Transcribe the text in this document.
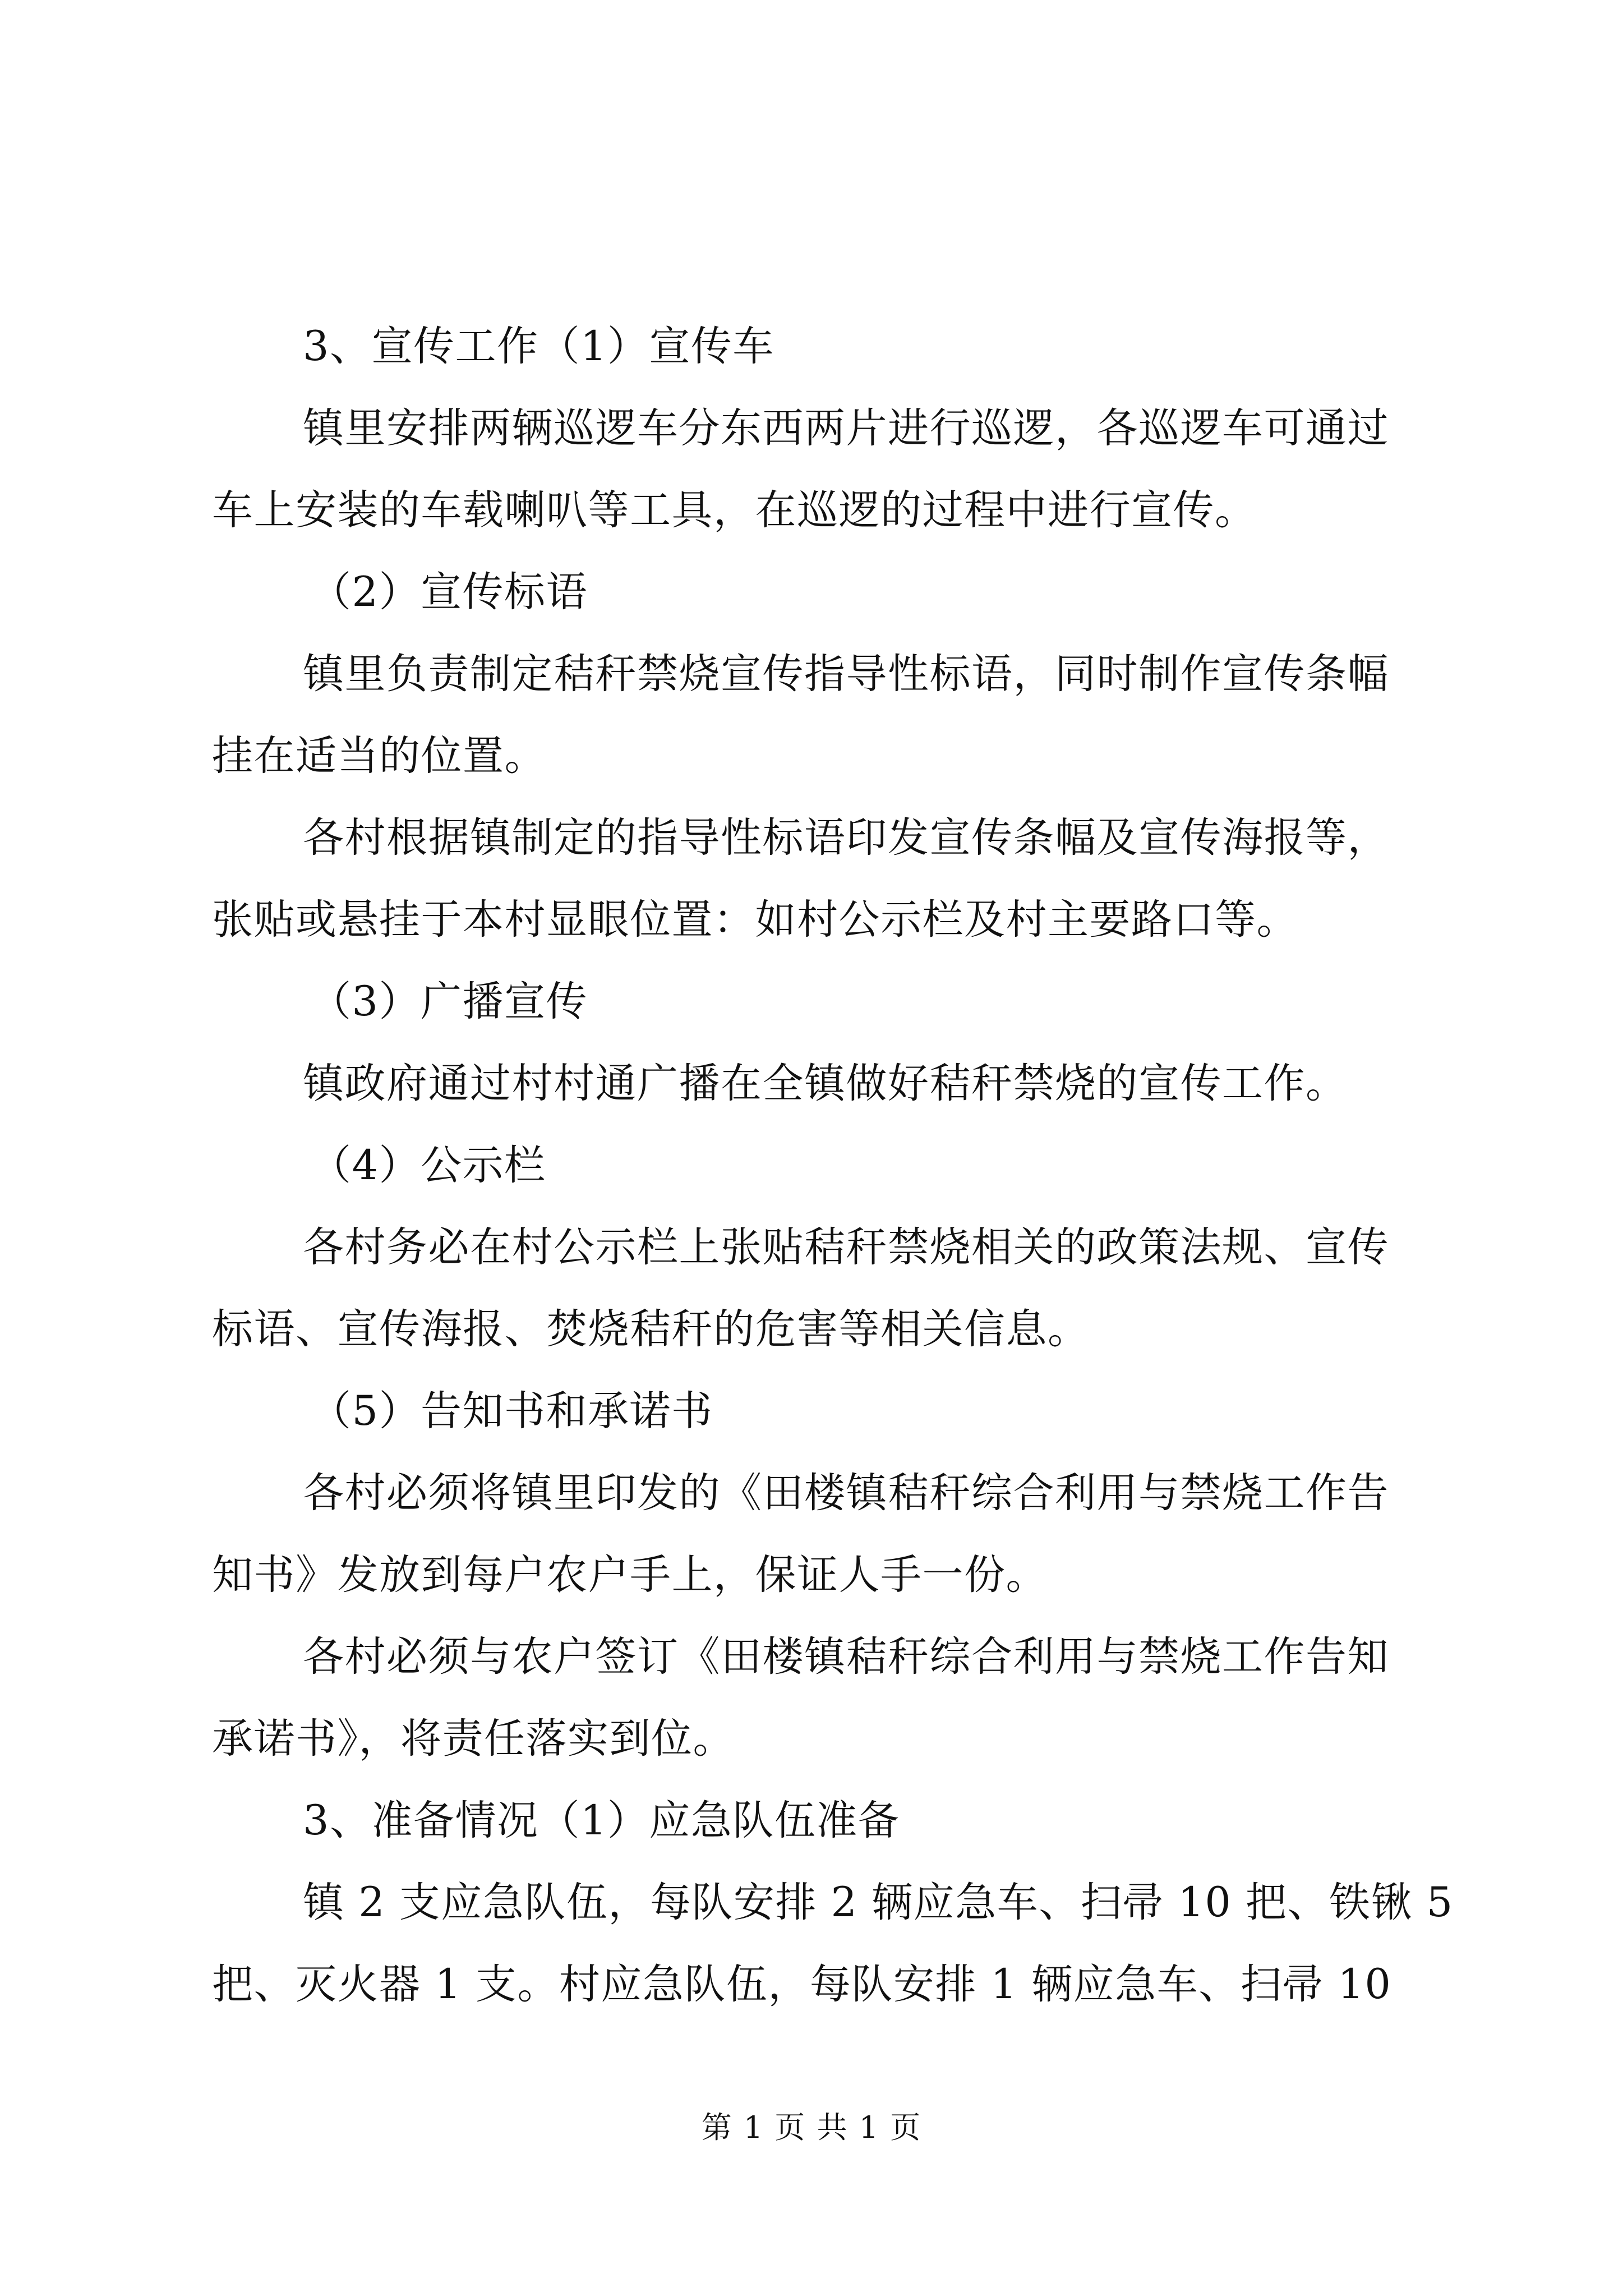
3、宣传工作（1）宣传车
镇里安排两辆巡逻车分东西两片进行巡逻，各巡逻车可通过
车上安装的车载喇叭等工具，在巡逻的过程中进行宣传。
（2）宣传标语
镇里负责制定秸秆禁烧宣传指导性标语，同时制作宣传条幅
挂在适当的位置。
各村根据镇制定的指导性标语印发宣传条幅及宣传海报等，
张贴或悬挂于本村显眼位置：如村公示栏及村主要路口等。
（3）广播宣传
镇政府通过村村通广播在全镇做好秸秆禁烧的宣传工作。
（4）公示栏
各村务必在村公示栏上张贴秸秆禁烧相关的政策法规、宣传
标语、宣传海报、焚烧秸秆的危害等相关信息。
（5）告知书和承诺书
各村必须将镇里印发的《田楼镇秸秆综合利用与禁烧工作告
知书》发放到每户农户手上，保证人手一份。
各村必须与农户签订《田楼镇秸秆综合利用与禁烧工作告知
承诺书》，将责任落实到位。
3、准备情况（1）应急队伍准备
镇 2 支应急队伍，每队安排 2 辆应急车、扫帚 10 把、铁锹 5
把、灭火器 1 支。村应急队伍，每队安排 1 辆应急车、扫帚 10
第 1 页 共 1 页
